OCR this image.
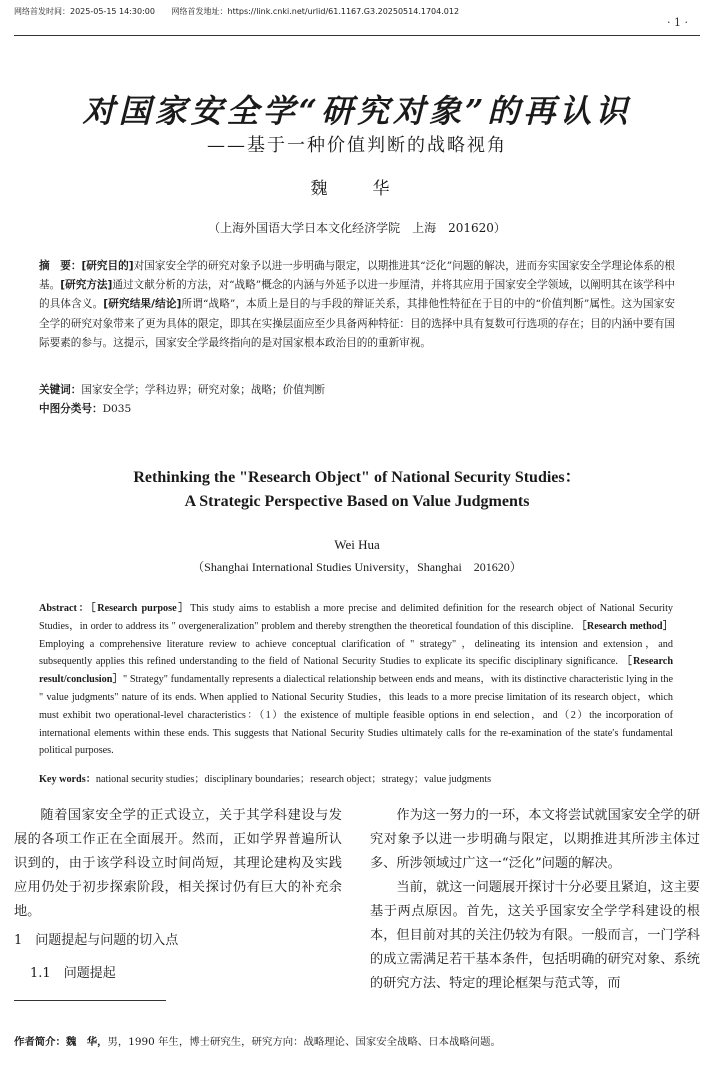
网络首发时间：2025-05-15 14:30:00 网络首发地址：https://link.cnki.net/urlid/61.1167.G3.20250514.1704.012
· 1 ·
对国家安全学“研究对象”的再认识
——基于一种价值判断的战略视角
魏　华
（上海外国语大学日本文化经济学院　上海　201620）
摘　要：[研究目的]对国家安全学的研究对象予以进一步明确与限定，以期推进其“泛化”问题的解决，进而夯实国家安全学理论体系的根基。[研究方法]通过文献分析的方法，对“战略”概念的内涵与外延予以进一步厘清，并将其应用于国家安全学领域，以阐明其在该学科中的具体含义。[研究结果/结论]所谓“战略”，本质上是目的与手段的辩证关系，其排他性特征在于目的中的“价值判断”属性。这为国家安全学的研究对象带来了更为具体的限定，即其在实操层面应至少具备两种特征：目的选择中具有复数可行选项的存在；目的内涵中要有国际要素的参与。这提示，国家安全学最终指向的是对国家根本政治目的的重新审视。
关键词：国家安全学；学科边界；研究对象；战略；价值判断
中图分类号：D035
Rethinking the "Research Object" of National Security Studies：
A Strategic Perspective Based on Value Judgments
Wei Hua
（Shanghai International Studies University，Shanghai　201620）
Abstract：［Research purpose］This study aims to establish a more precise and delimited definition for the research object of National Security Studies，in order to address its " overgeneralization" problem and thereby strengthen the theoretical foundation of this discipline. ［Research method］Employing a comprehensive literature review to achieve conceptual clarification of " strategy" ，delineating its intension and extension，and subsequently applies this refined understanding to the field of National Security Studies to explicate its specific disciplinary significance. ［Research result/conclusion］" Strategy" fundamentally represents a dialectical relationship between ends and means，with its distinctive characteristic lying in the " value judgments" nature of its ends. When applied to National Security Studies，this leads to a more precise limitation of its research object，which must exhibit two operational-level characteristics：（1）the existence of multiple feasible options in end selection，and（2）the incorporation of international elements within these ends. This suggests that National Security Studies ultimately calls for the re-examination of the state′s fundamental political purposes.
Key words：national security studies；disciplinary boundaries；research object；strategy；value judgments

随着国家安全学的正式设立，关于其学科建设与发展的各项工作正在全面展开。然而，正如学界普遍所认识到的，由于该学科设立时间尚短，其理论建构及实践应用仍处于初步探索阶段，相关探讨仍有巨大的补充余地。

1　 问题提起与问题的切入点
1.1　 问题提起

作为这一努力的一环，本文将尝试就国家安全学的研究对象予以进一步明确与限定，以期推进其所涉主体过多、所涉领域过广这一“泛化”问题的解决。

当前，就这一问题展开探讨十分必要且紧迫，这主要基于两点原因。首先，这关乎国家安全学学科建设的根本，但目前对其的关注仍较为有限。一般而言，一门学科的成立需满足若干基本条件，包括明确的研究对象、系统的研究方法、特定的理论框架与范式等，而

作者简介：魏　华，男，1990 年生，博士研究生，研究方向：战略理论、国家安全战略、日本战略问题。
